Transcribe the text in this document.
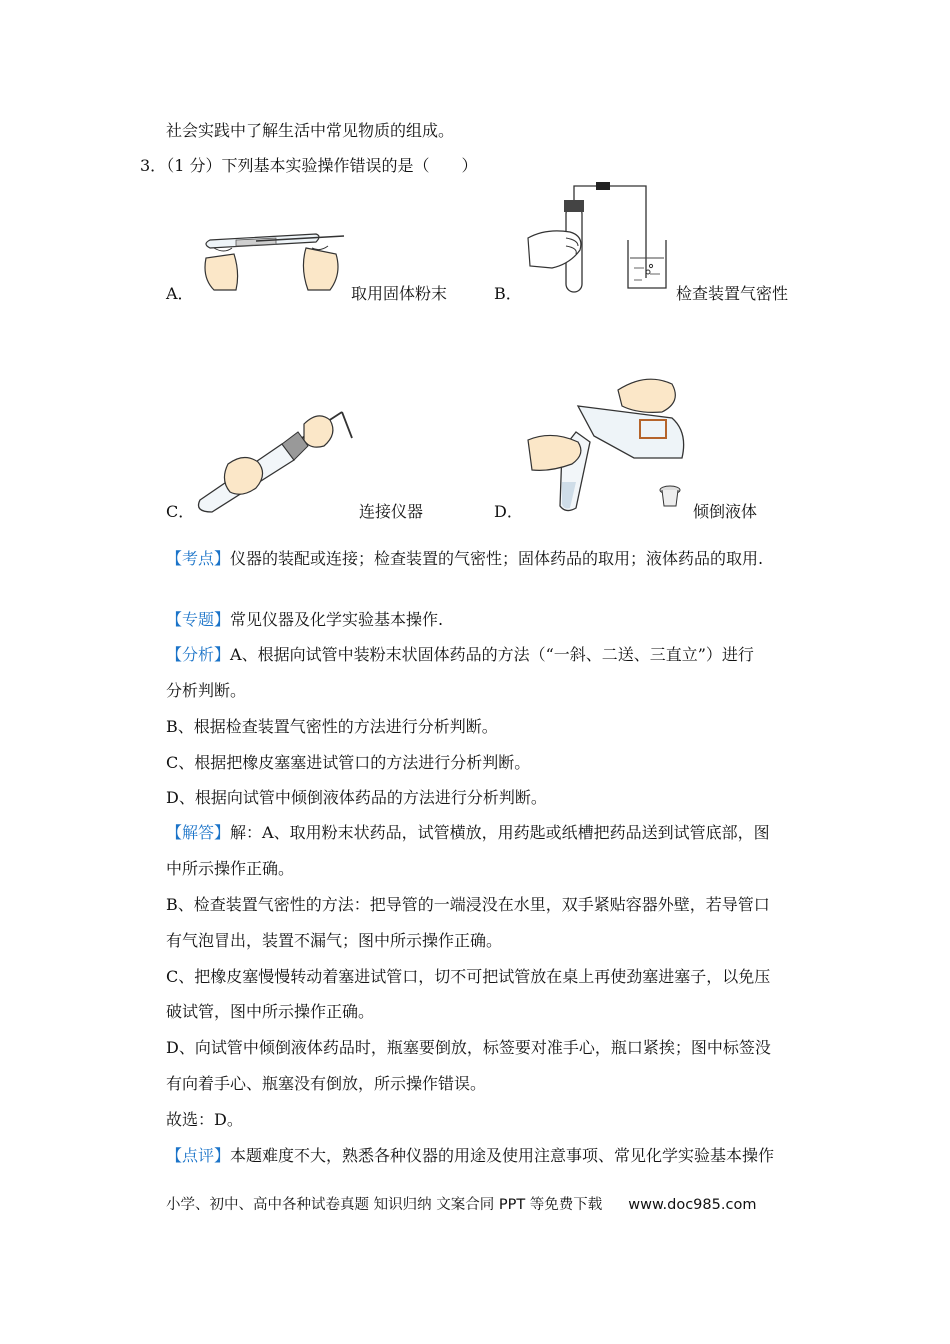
社会实践中了解生活中常见物质的组成。
3．（1 分）下列基本实验操作错误的是（　　）
A．	取用固体粉末	B．	检查装置气密性
C．	连接仪器	D．	倾倒液体
【考点】仪器的装配或连接；检查装置的气密性；固体药品的取用；液体药品的取用.
【专题】常见仪器及化学实验基本操作.
【分析】A、根据向试管中装粉末状固体药品的方法（“一斜、二送、三直立”）进行
分析判断。
B、根据检查装置气密性的方法进行分析判断。
C、根据把橡皮塞塞进试管口的方法进行分析判断。
D、根据向试管中倾倒液体药品的方法进行分析判断。
【解答】解：A、取用粉末状药品，试管横放，用药匙或纸槽把药品送到试管底部，图
中所示操作正确。
B、检查装置气密性的方法：把导管的一端浸没在水里，双手紧贴容器外壁，若导管口
有气泡冒出，装置不漏气；图中所示操作正确。
C、把橡皮塞慢慢转动着塞进试管口，切不可把试管放在桌上再使劲塞进塞子，以免压
破试管，图中所示操作正确。
D、向试管中倾倒液体药品时，瓶塞要倒放，标签要对准手心，瓶口紧挨；图中标签没
有向着手心、瓶塞没有倒放，所示操作错误。
故选：D。
【点评】本题难度不大，熟悉各种仪器的用途及使用注意事项、常见化学实验基本操作
小学、初中、高中各种试卷真题 知识归纳 文案合同 PPT 等免费下载 www.doc985.com
